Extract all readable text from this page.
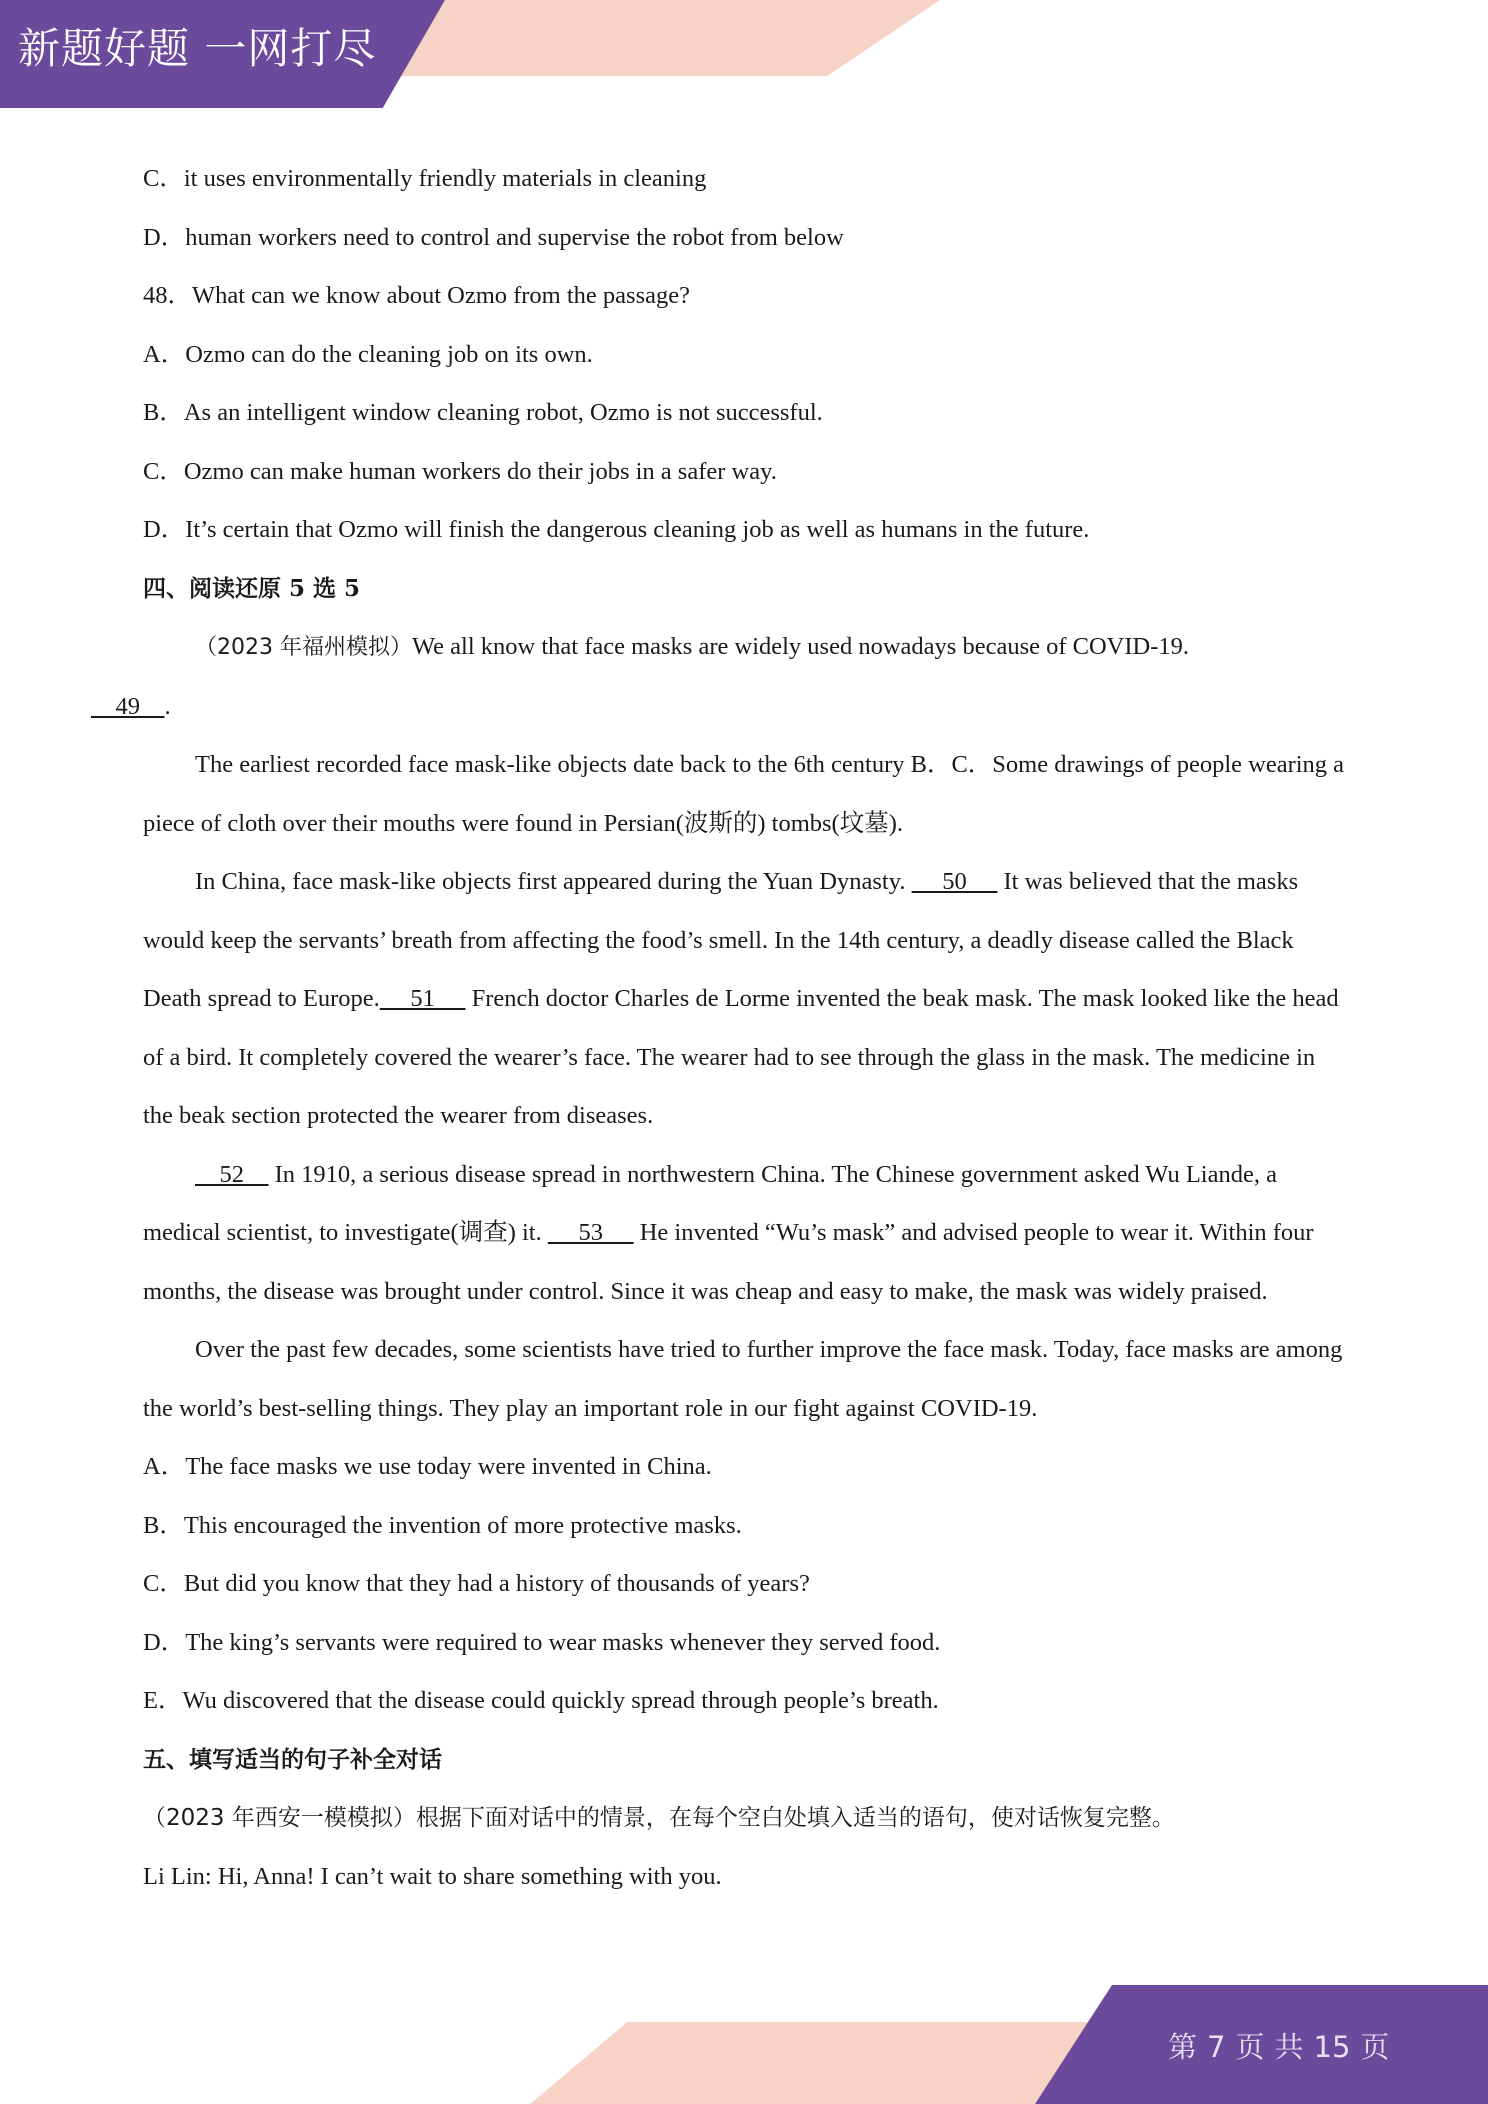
新题好题 一网打尽
C．it uses environmentally friendly materials in cleaning
D．human workers need to control and supervise the robot from below
48．What can we know about Ozmo from the passage?
A．Ozmo can do the cleaning job on its own.
B．As an intelligent window cleaning robot, Ozmo is not successful.
C．Ozmo can make human workers do their jobs in a safer way.
D．It’s certain that Ozmo will finish the dangerous cleaning job as well as humans in the future.
四、阅读还原 5 选 5
（2023 年福州模拟）We all know that face masks are widely used nowadays because of COVID-19.
49    .
The earliest recorded face mask-like objects date back to the 6th century B．C．Some drawings of people wearing a piece of cloth over their mouths were found in Persian(波斯的) tombs(坟墓).
In China, face mask-like objects first appeared during the Yuan Dynasty.      50      It was believed that the masks would keep the servants’ breath from affecting the food’s smell. In the 14th century, a deadly disease called the Black Death spread to Europe.     51      French doctor Charles de Lorme invented the beak mask. The mask looked like the head of a bird. It completely covered the wearer’s face. The wearer had to see through the glass in the mask. The medicine in the beak section protected the wearer from diseases.
52     In 1910, a serious disease spread in northwestern China. The Chinese government asked Wu Liande, a medical scientist, to investigate(调查) it.      53      He invented “Wu’s mask” and advised people to wear it. Within four months, the disease was brought under control. Since it was cheap and easy to make, the mask was widely praised.
Over the past few decades, some scientists have tried to further improve the face mask. Today, face masks are among the world’s best-selling things. They play an important role in our fight against COVID-19.
A．The face masks we use today were invented in China.
B．This encouraged the invention of more protective masks.
C．But did you know that they had a history of thousands of years?
D．The king’s servants were required to wear masks whenever they served food.
E．Wu discovered that the disease could quickly spread through people’s breath.
五、填写适当的句子补全对话
（2023 年西安一模模拟）根据下面对话中的情景，在每个空白处填入适当的语句，使对话恢复完整。
Li Lin: Hi, Anna! I can’t wait to share something with you.
第 7 页 共 15 页
